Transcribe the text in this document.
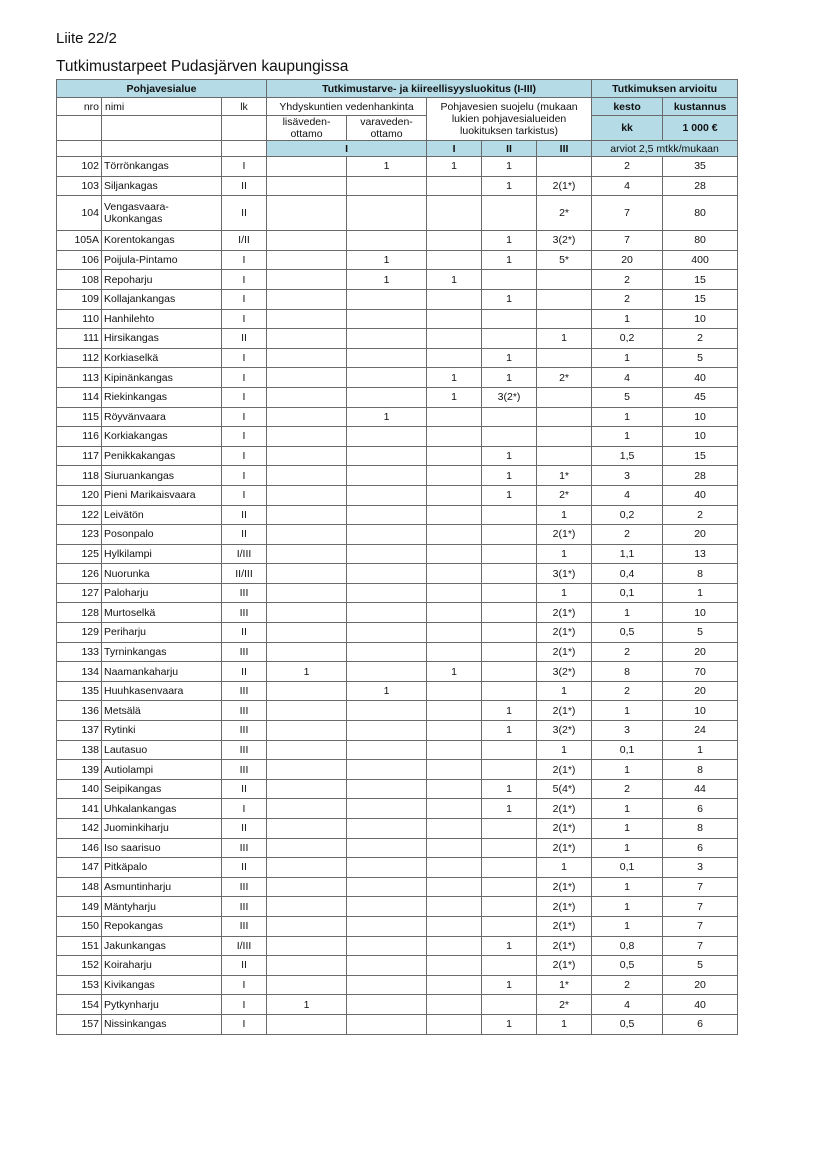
Liite 22/2
Tutkimustarpeet Pudasjärven kaupungissa
Pohjavesialue			Tutkimustarve- ja kiireellisyysluokitus (I-III)					Tutkimuksen arvioitu	
nro	nimi	lk	Yhdyskuntien vedenhankinta		Pohjavesien suojelu (mukaan lukien pohjavesialueiden luokituksen tarkistus)			kesto	kustannus
			lisäveden- ottamo	varaveden- ottamo				kk	1 000 €
			I		I	II	III	arviot 2,5 mtkk/mukaan	
102	Törrönkangas	I		1	1	1		2	35
103	Siljankagas	II				1	2(1*)	4	28
104	Vengasvaara-Ukonkangas	II					2*	7	80
105A	Korentokangas	I/II				1	3(2*)	7	80
106	Poijula-Pintamo	I		1		1	5*	20	400
108	Repoharju	I		1	1			2	15
109	Kollajankangas	I				1		2	15
110	Hanhilehto	I						1	10
111	Hirsikangas	II					1	0,2	2
112	Korkiaselkä	I				1		1	5
113	Kipinänkangas	I			1	1	2*	4	40
114	Riekinkangas	I			1	3(2*)		5	45
115	Röyvänvaara	I		1				1	10
116	Korkiakangas	I						1	10
117	Penikkakangas	I				1		1,5	15
118	Siuruankangas	I				1	1*	3	28
120	Pieni Marikaisvaara	I				1	2*	4	40
122	Leivätön	II					1	0,2	2
123	Posonpalo	II					2(1*)	2	20
125	Hylkilampi	I/III					1	1,1	13
126	Nuorunka	II/III					3(1*)	0,4	8
127	Paloharju	III					1	0,1	1
128	Murtoselkä	III					2(1*)	1	10
129	Periharju	II					2(1*)	0,5	5
133	Tyrninkangas	III					2(1*)	2	20
134	Naamankaharju	II	1		1		3(2*)	8	70
135	Huuhkasenvaara	III		1			1	2	20
136	Metsälä	III				1	2(1*)	1	10
137	Rytinki	III				1	3(2*)	3	24
138	Lautasuo	III					1	0,1	1
139	Autiolampi	III					2(1*)	1	8
140	Seipikangas	II				1	5(4*)	2	44
141	Uhkalankangas	I				1	2(1*)	1	6
142	Juominkiharju	II					2(1*)	1	8
146	Iso saarisuo	III					2(1*)	1	6
147	Pitkäpalo	II					1	0,1	3
148	Asmuntinharju	III					2(1*)	1	7
149	Mäntyharju	III					2(1*)	1	7
150	Repokangas	III					2(1*)	1	7
151	Jakunkangas	I/III				1	2(1*)	0,8	7
152	Koiraharju	II					2(1*)	0,5	5
153	Kivikangas	I				1	1*	2	20
154	Pytkynharju	I	1				2*	4	40
157	Nissinkangas	I				1	1	0,5	6
